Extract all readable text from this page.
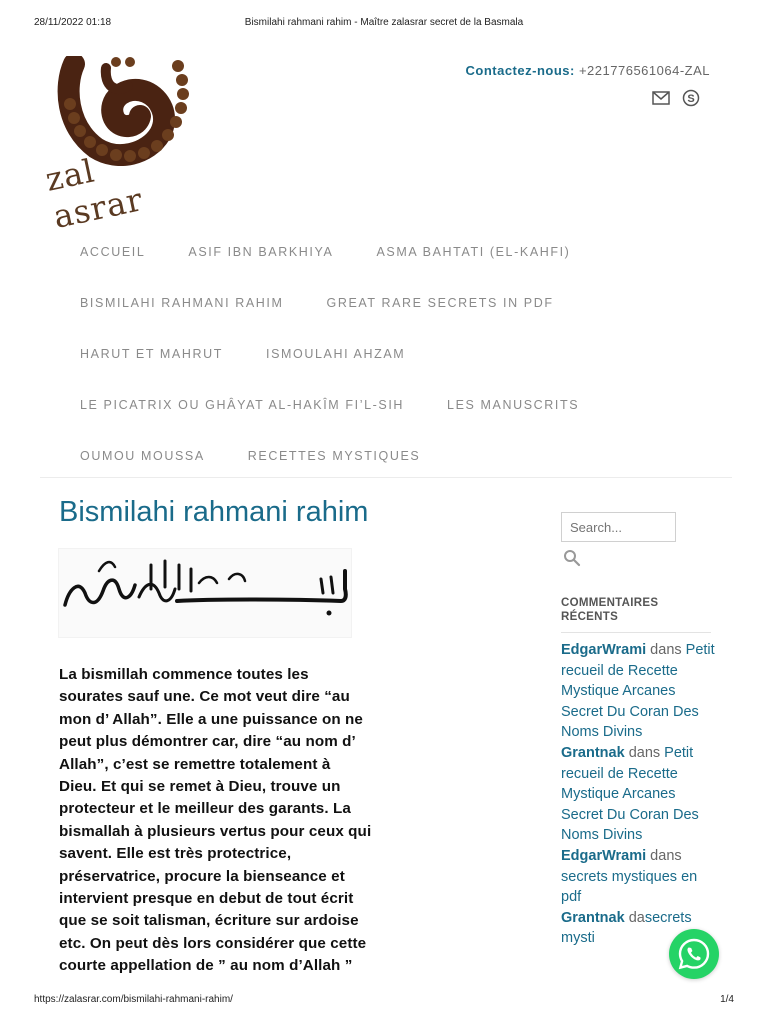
28/11/2022 01:18	Bismilahi rahmani rahim - Maître zalasrar secret de la Basmala
zal asrar
Contactez-nous: +221776561064-ZAL
S
ACCUEIL	ASIF IBN BARKHIYA	ASMA BAHTATI (EL-KAHFI)
BISMILAHI RAHMANI RAHIM	GREAT RARE SECRETS IN PDF
HARUT ET MAHRUT	ISMOULAHI AHZAM
LE PICATRIX OU GHÂYAT AL-HAKÎM FI’L-SIH	LES MANUSCRITS
OUMOU MOUSSA	RECETTES MYSTIQUES
Bismilahi rahmani rahim

La bismillah commence toutes les

sourates sauf une. Ce mot veut dire “au

mon d’ Allah”. Elle a une puissance on ne

peut plus démontrer car, dire “au nom d’

Allah”, c’est se remettre totalement à

Dieu. Et qui se remet à Dieu, trouve un

protecteur et le meilleur des garants. La

bismallah à plusieurs vertus pour ceux qui

savent. Elle est très protectrice,

préservatrice, procure la bienseance et

intervient presque en debut de tout écrit

que se soit talisman, écriture sur ardoise

etc. On peut dès lors considérer que cette

courte appellation de ” au nom d’Allah ”

Search...
COMMENTAIRES RÉCENTS
EdgarWrami dans Petit recueil de Recette Mystique Arcanes Secret Du Coran Des Noms Divins
Grantnak dans Petit recueil de Recette Mystique Arcanes Secret Du Coran Des Noms Divins
EdgarWrami dans secrets mystiques en pdf
Grantnak dasecrets mysti
https://zalasrar.com/bismilahi-rahmani-rahim/	1/4
